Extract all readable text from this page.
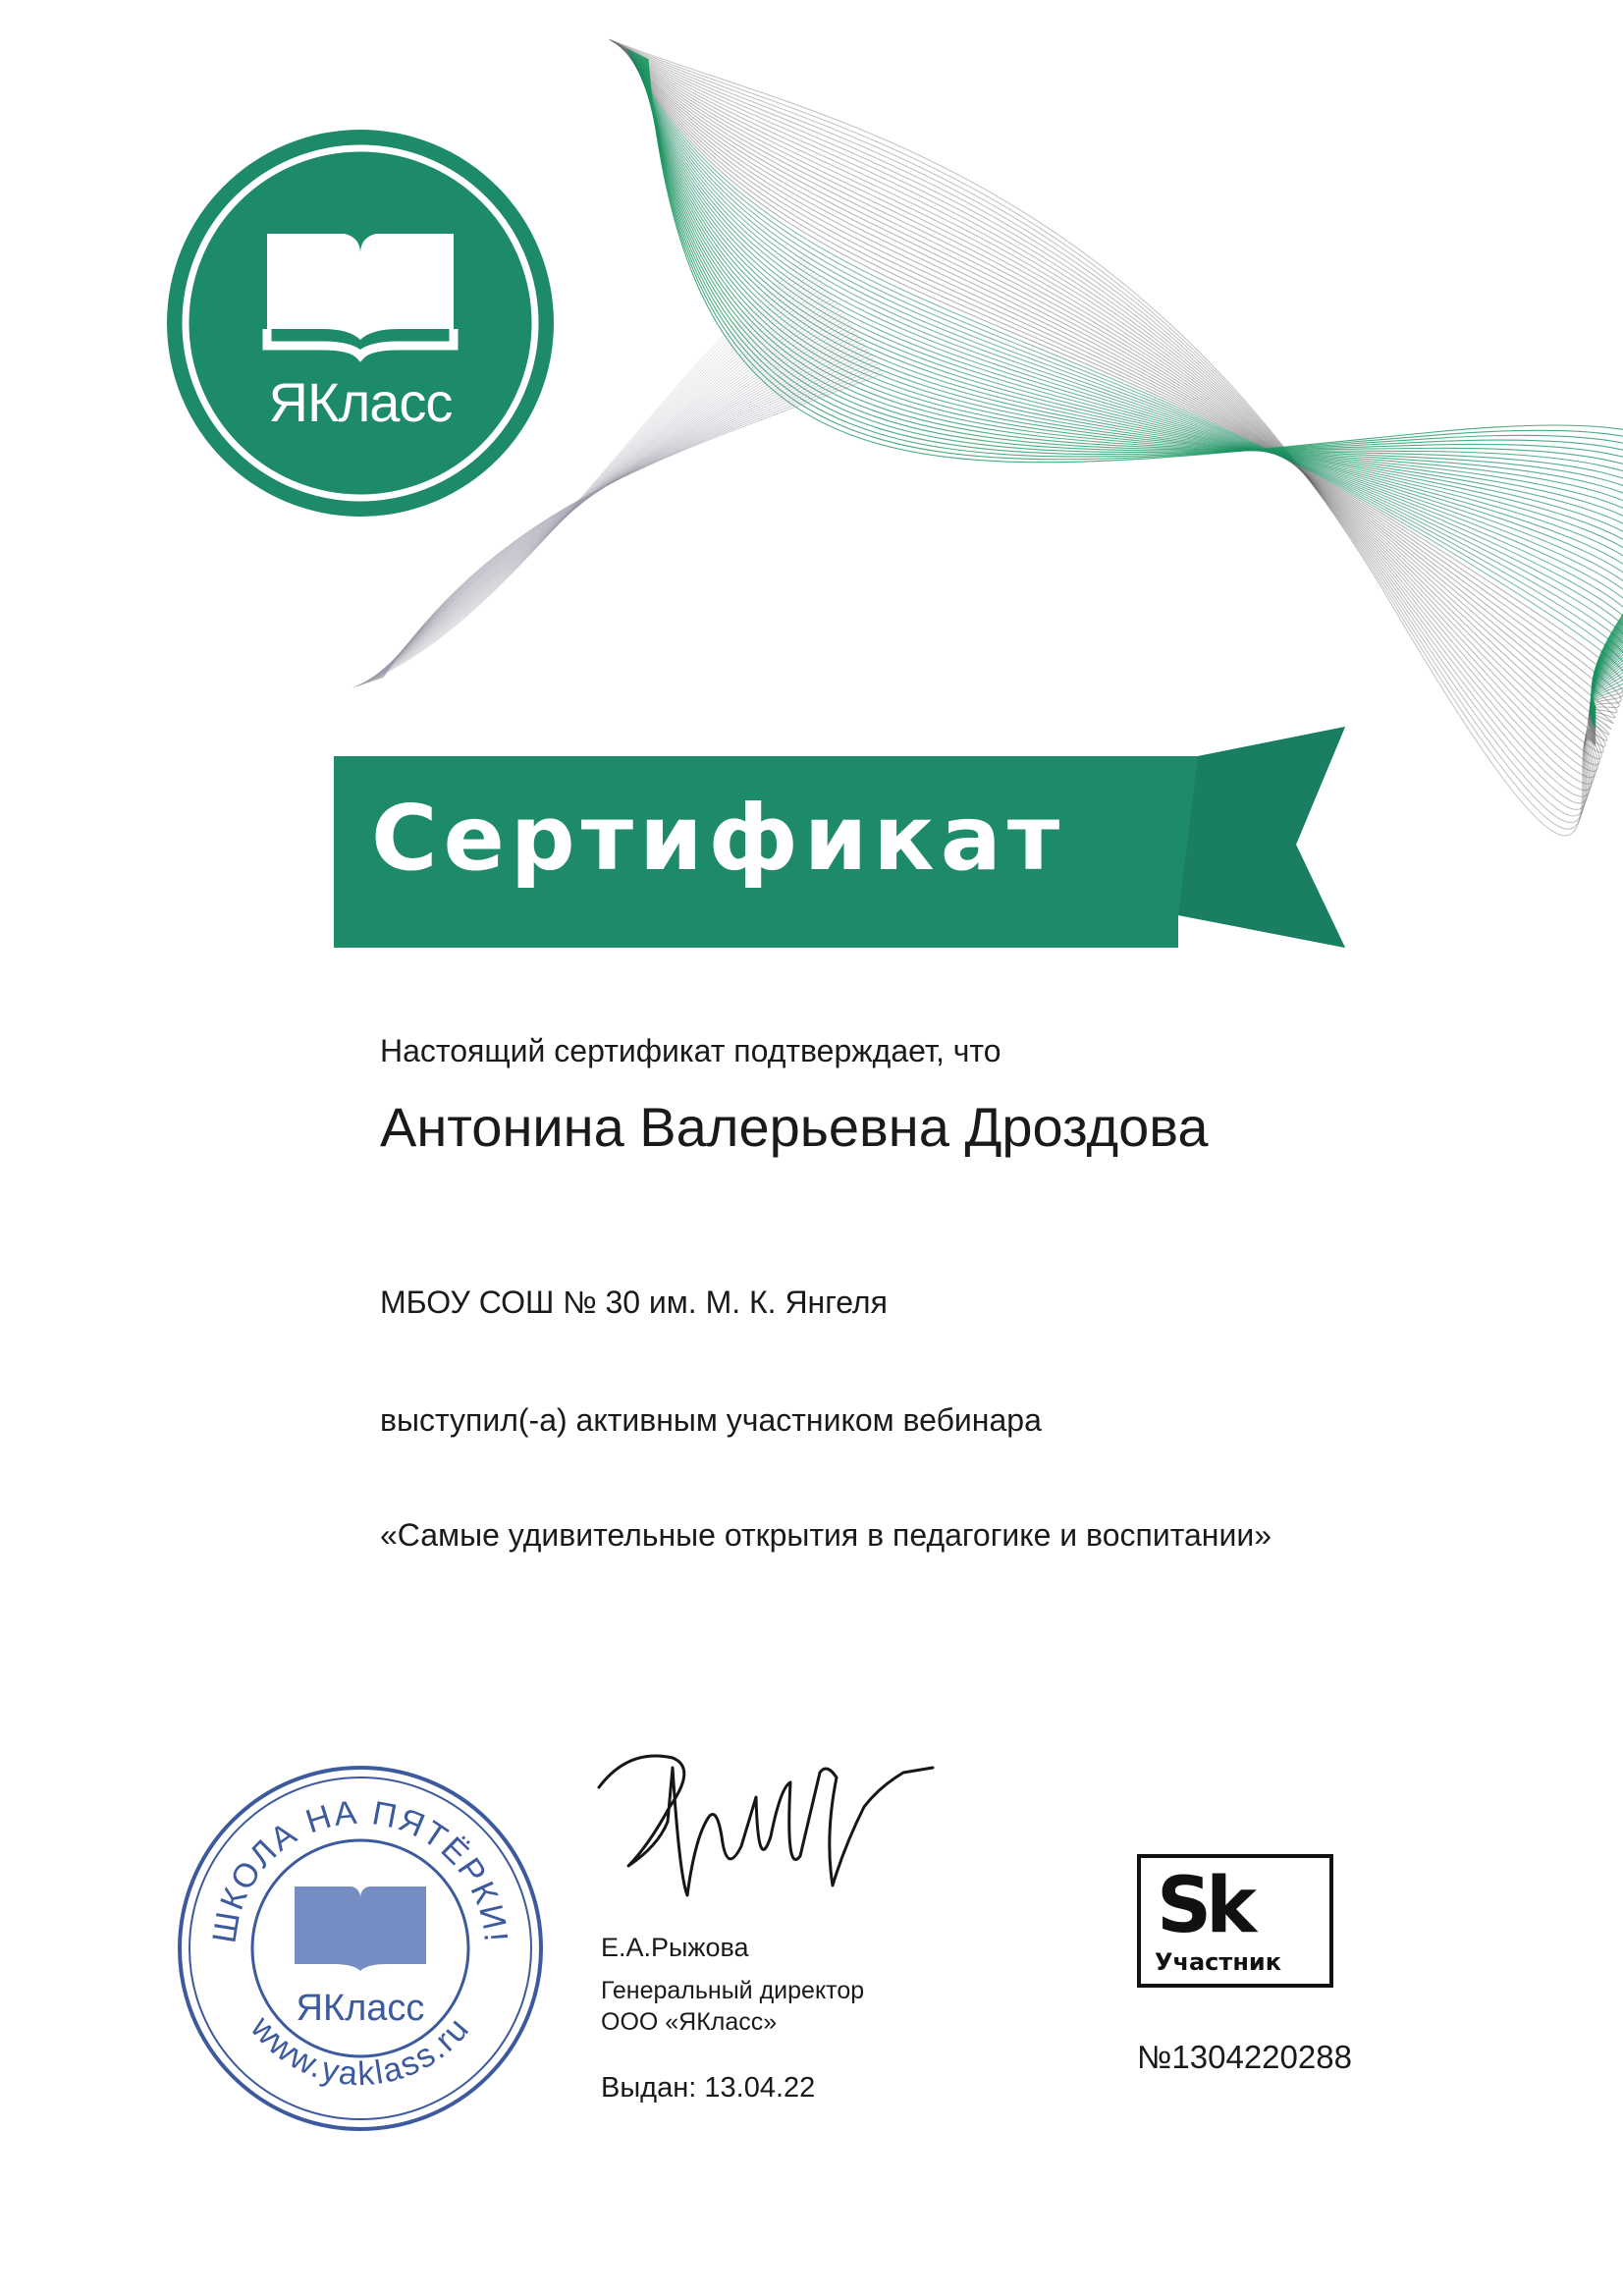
ЯКласс
Сертификат
Настоящий сертификат подтверждает, что
Антонина Валерьевна Дроздова
МБОУ СОШ № 30 им. М. К. Янгеля
выступил(-а) активным участником вебинара
«Самые удивительные открытия в педагогике и воспитании»
ШКОЛА НА ПЯТЁРКИ!
www.yaklass.ru
ЯКласс
Е.А.Рыжова
Генеральный директор
ООО «ЯКласс»
Выдан: 13.04.22
Sk
Участник
№1304220288
